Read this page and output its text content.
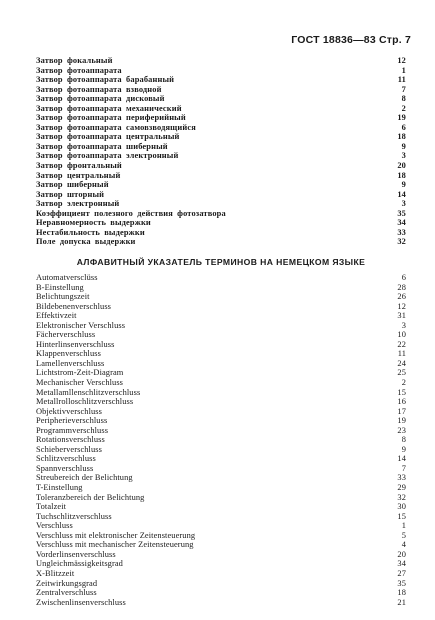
ГОСТ 18836—83 Стр. 7
Затвор фокальный	12
Затвор фотоаппарата	1
Затвор фотоаппарата барабанный	11
Затвор фотоаппарата взводной	7
Затвор фотоаппарата дисковый	8
Затвор фотоаппарата механический	2
Затвор фотоаппарата периферийный	19
Затвор фотоаппарата самовзводящийся	6
Затвор фотоаппарата центральный	18
Затвор фотоаппарата шиберный	9
Затвор фотоаппарата электронный	3
Затвор фронтальный	20
Затвор центральный	18
Затвор шиберный	9
Затвор шторный	14
Затвор электронный	3
Коэффициент полезного действия фотозатвора	35
Неравномерность выдержки	34
Нестабильность выдержки	33
Поле допуска выдержки	32
АЛФАВИТНЫЙ УКАЗАТЕЛЬ ТЕРМИНОВ НА НЕМЕЦКОМ ЯЗЫКЕ
Automatversclüss	6
B-Einstellung	28
Belichtungszeit	26
Bildebenenverschluss	12
Effektivzeit	31
Elektronischer Verschluss	3
Fächerverschluss	10
Hinterlinsenverschluss	22
Klappenverschluss	11
Lamellenverschluss	24
Lichtstrom-Zeit-Diagram	25
Mechanischer Verschluss	2
Metallamllenschlitzverschluss	15
Metallrolloschlitzverschluss	16
Objektivverschluss	17
Peripherieverschluss	19
Programmverschluss	23
Rotationsverschluss	8
Schieberverschluss	9
Schlitzverschluss	14
Spannverschluss	7
Streubereich der Belichtung	33
T-Einstellung	29
Toleranzbereich der Belichtung	32
Totalzeit	30
Tuchschlitzverschluss	15
Verschluss	1
Verschluss mit elektronischer Zeitensteuerung	5
Verschluss mit mechanischer Zeitensteuerung	4
Vorderlinsenverschluss	20
Ungleichmässigkeitsgrad	34
X-Blitzzeit	27
Zeitwirkungsgrad	35
Zentralverschluss	18
Zwischenlinsenverschluss	21
